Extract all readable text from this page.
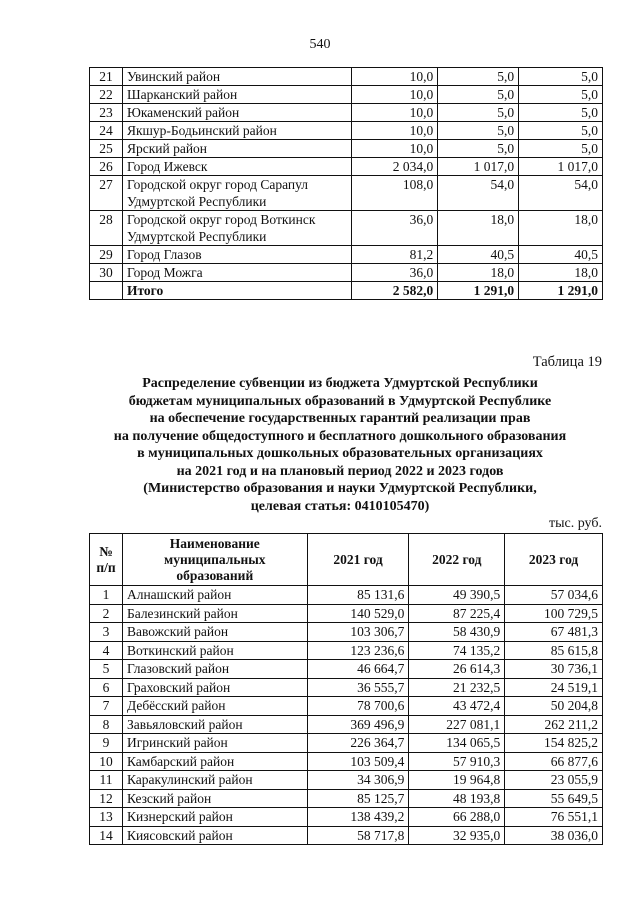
540
21	Увинский район	10,0	5,0	5,0
22	Шарканский район	10,0	5,0	5,0
23	Юкаменский район	10,0	5,0	5,0
24	Якшур-Бодьинский район	10,0	5,0	5,0
25	Ярский район	10,0	5,0	5,0
26	Город Ижевск	2 034,0	1 017,0	1 017,0
27	Городской округ город Сарапул Удмуртской Республики	108,0	54,0	54,0
28	Городской округ город Воткинск Удмуртской Республики	36,0	18,0	18,0
29	Город Глазов	81,2	40,5	40,5
30	Город Можга	36,0	18,0	18,0
	Итого	2 582,0	1 291,0	1 291,0
Таблица 19
Распределение субвенции из бюджета Удмуртской Республики
бюджетам муниципальных образований в Удмуртской Республике
на обеспечение государственных гарантий реализации прав
на получение общедоступного и бесплатного дошкольного образования
в муниципальных дошкольных образовательных организациях
на 2021 год и на плановый период 2022 и 2023 годов
(Министерство образования и науки Удмуртской Республики,
целевая статья: 0410105470)
тыс. руб.
№
п/п	Наименование
муниципальных
образований	2021 год	2022 год	2023 год
1	Алнашский район	85 131,6	49 390,5	57 034,6
2	Балезинский район	140 529,0	87 225,4	100 729,5
3	Вавожский район	103 306,7	58 430,9	67 481,3
4	Воткинский район	123 236,6	74 135,2	85 615,8
5	Глазовский район	46 664,7	26 614,3	30 736,1
6	Граховский район	36 555,7	21 232,5	24 519,1
7	Дебёсский район	78 700,6	43 472,4	50 204,8
8	Завьяловский район	369 496,9	227 081,1	262 211,2
9	Игринский район	226 364,7	134 065,5	154 825,2
10	Камбарский район	103 509,4	57 910,3	66 877,6
11	Каракулинский район	34 306,9	19 964,8	23 055,9
12	Кезский район	85 125,7	48 193,8	55 649,5
13	Кизнерский район	138 439,2	66 288,0	76 551,1
14	Киясовский район	58 717,8	32 935,0	38 036,0
